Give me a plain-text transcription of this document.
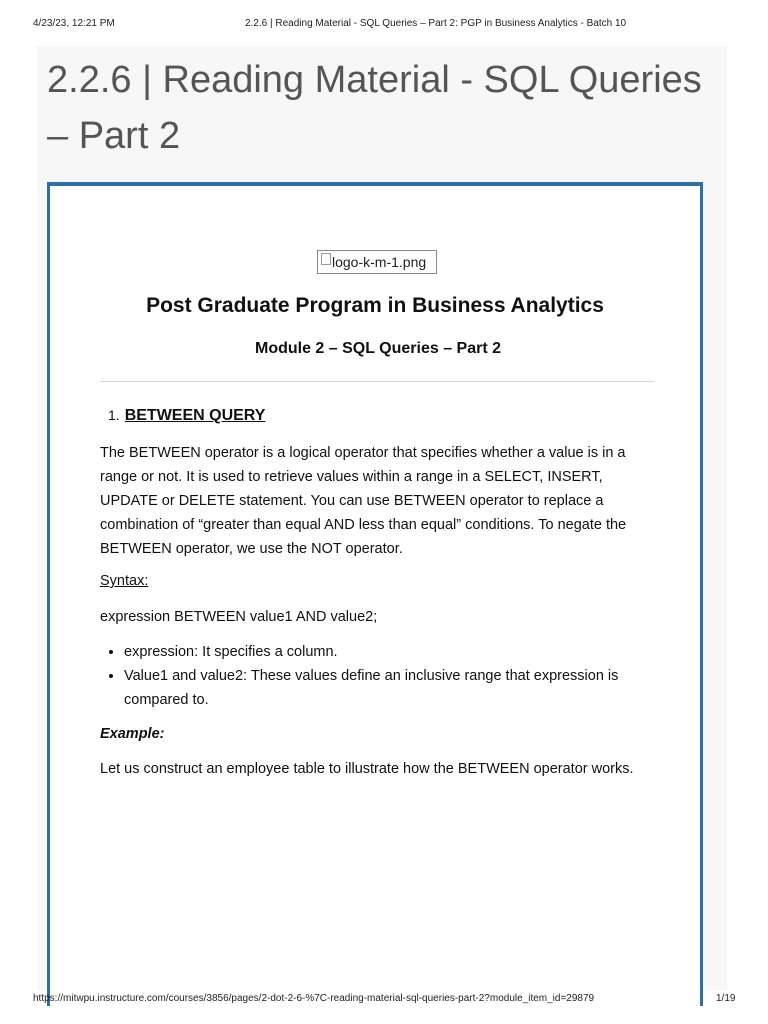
4/23/23, 12:21 PM	2.2.6 | Reading Material - SQL Queries – Part 2: PGP in Business Analytics - Batch 10
2.2.6 | Reading Material - SQL Queries – Part 2
logo-k-m-1.png
Post Graduate Program in Business Analytics
Module 2 – SQL Queries – Part 2
1. BETWEEN QUERY

The BETWEEN operator is a logical operator that specifies whether a value is in a range or not. It is used to retrieve values within a range in a SELECT, INSERT, UPDATE or DELETE statement. You can use BETWEEN operator to replace a combination of “greater than equal AND less than equal” conditions. To negate the BETWEEN operator, we use the NOT operator.

Syntax:

expression BETWEEN value1 AND value2;

• expression: It specifies a column.
• Value1 and value2: These values define an inclusive range that expression is compared to.

Example:

Let us construct an employee table to illustrate how the BETWEEN operator works.

https://mitwpu.instructure.com/courses/3856/pages/2-dot-2-6-%7C-reading-material-sql-queries-part-2?module_item_id=29879	1/19
